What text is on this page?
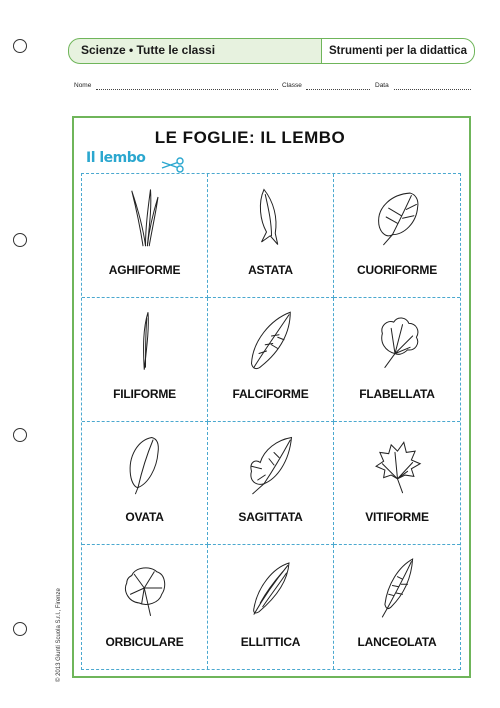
Scienze • Tutte le classi	Strumenti per la didattica
Nome	Classe	Data
LE FOGLIE: IL LEMBO
Il lembo
AGHIFORME	ASTATA	CUORIFORME
FILIFORME	FALCIFORME	FLABELLATA
OVATA	SAGITTATA	VITIFORME
ORBICULARE	ELLITTICA	LANCEOLATA
© 2013 Giunti Scuola S.r.l., Firenze
